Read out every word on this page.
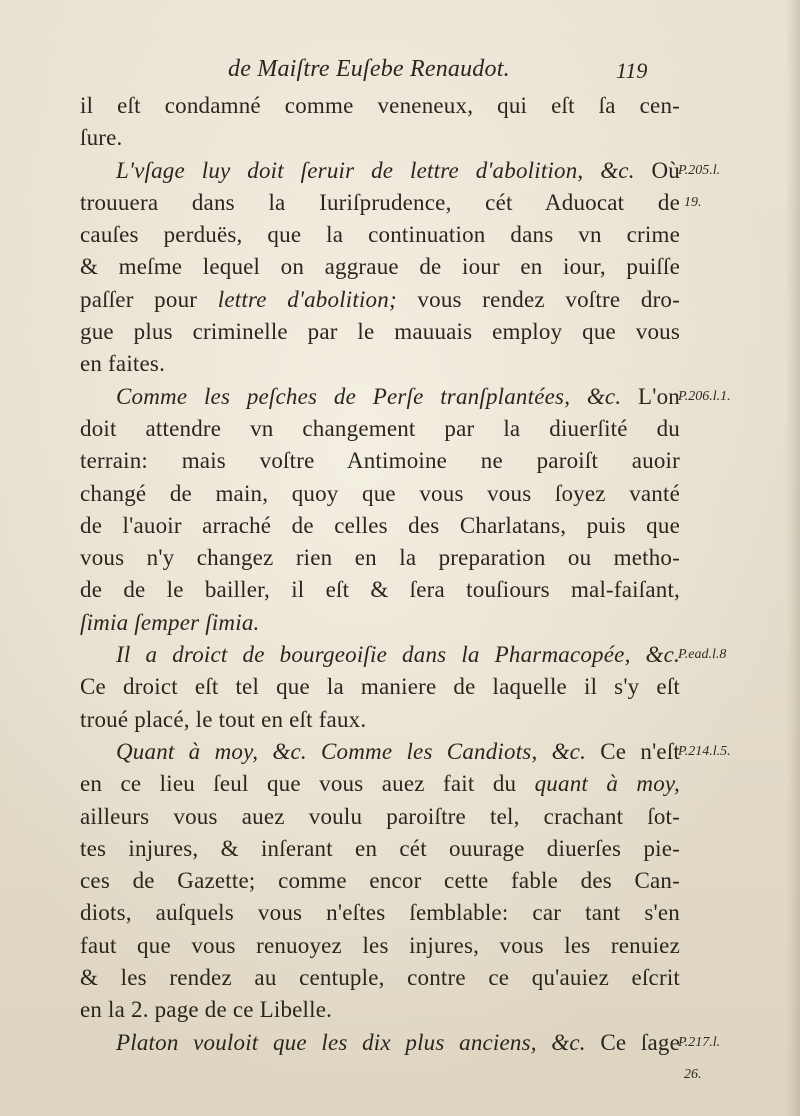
de Maiſtre Euſebe Renaudot.	119
il eſt condamné comme veneneux, qui eſt ſa cen-
ſure.
L'vſage luy doit ſeruir de lettre d'abolition, &c. Où
trouuera dans la Iuriſprudence, cét Aduocat de
cauſes perduës, que la continuation dans vn crime
& meſme lequel on aggraue de iour en iour, puiſſe
paſſer pour lettre d'abolition; vous rendez voſtre dro-
gue plus criminelle par le mauuais employ que vous
en faites.
Comme les peſches de Perſe tranſplantées, &c. L'on
doit attendre vn changement par la diuerſité du
terrain: mais voſtre Antimoine ne paroiſt auoir
changé de main, quoy que vous vous ſoyez vanté
de l'auoir arraché de celles des Charlatans, puis que
vous n'y changez rien en la preparation ou metho-
de de le bailler, il eſt & ſera touſiours mal-faiſant,
ſimia ſemper ſimia.
Il a droict de bourgeoiſie dans la Pharmacopée, &c.
Ce droict eſt tel que la maniere de laquelle il s'y eſt
troué placé, le tout en eſt faux.
Quant à moy, &c. Comme les Candiots, &c. Ce n'eſt
en ce lieu ſeul que vous auez fait du quant à moy,
ailleurs vous auez voulu paroiſtre tel, crachant ſot-
tes injures, & inſerant en cét ouurage diuerſes pie-
ces de Gazette; comme encor cette fable des Can-
diots, auſquels vous n'eſtes ſemblable: car tant s'en
faut que vous renuoyez les injures, vous les renuiez
& les rendez au centuple, contre ce qu'auiez eſcrit
en la 2. page de ce Libelle.
Platon vouloit que les dix plus anciens, &c. Ce ſage
P.205.l.
19.
P.206.l.1.
P.ead.l.8
P.214.l.5.
P.217.l.
26.
